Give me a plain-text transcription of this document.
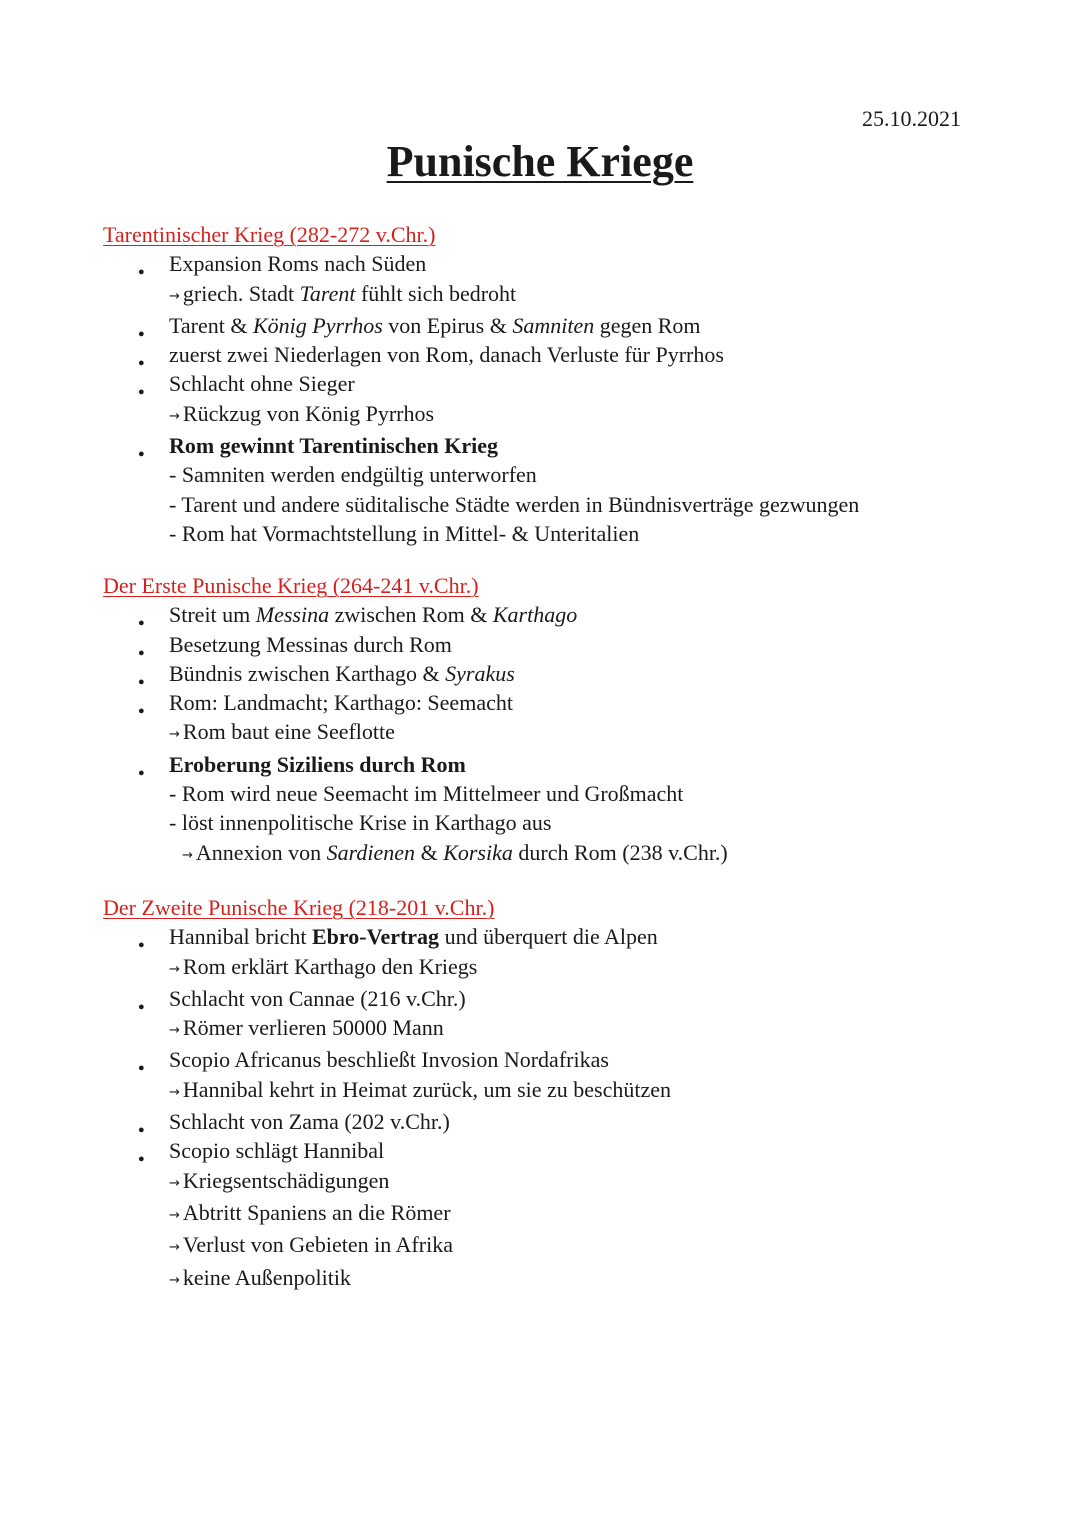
25.10.2021
Punische Kriege
Tarentinischer Krieg (282-272 v.Chr.)
● Expansion Roms nach Süden
→ griech. Stadt Tarent fühlt sich bedroht
● Tarent & König Pyrrhos von Epirus & Samniten gegen Rom
● zuerst zwei Niederlagen von Rom, danach Verluste für Pyrrhos
● Schlacht ohne Sieger
→ Rückzug von König Pyrrhos
● Rom gewinnt Tarentinischen Krieg
- Samniten werden endgültig unterworfen
- Tarent und andere süditalische Städte werden in Bündnisverträge gezwungen
- Rom hat Vormachtstellung in Mittel- & Unteritalien
Der Erste Punische Krieg (264-241 v.Chr.)
● Streit um Messina zwischen Rom & Karthago
● Besetzung Messinas durch Rom
● Bündnis zwischen Karthago & Syrakus
● Rom: Landmacht; Karthago: Seemacht
→ Rom baut eine Seeflotte
● Eroberung Siziliens durch Rom
- Rom wird neue Seemacht im Mittelmeer und Großmacht
- löst innenpolitische Krise in Karthago aus
→ Annexion von Sardienen & Korsika durch Rom (238 v.Chr.)
Der Zweite Punische Krieg (218-201 v.Chr.)
● Hannibal bricht Ebro-Vertrag und überquert die Alpen
→ Rom erklärt Karthago den Kriegs
● Schlacht von Cannae (216 v.Chr.)
→ Römer verlieren 50000 Mann
● Scopio Africanus beschließt Invosion Nordafrikas
→ Hannibal kehrt in Heimat zurück, um sie zu beschützen
● Schlacht von Zama (202 v.Chr.)
● Scopio schlägt Hannibal
→ Kriegsentschädigungen
→ Abtritt Spaniens an die Römer
→ Verlust von Gebieten in Afrika
→ keine Außenpolitik
